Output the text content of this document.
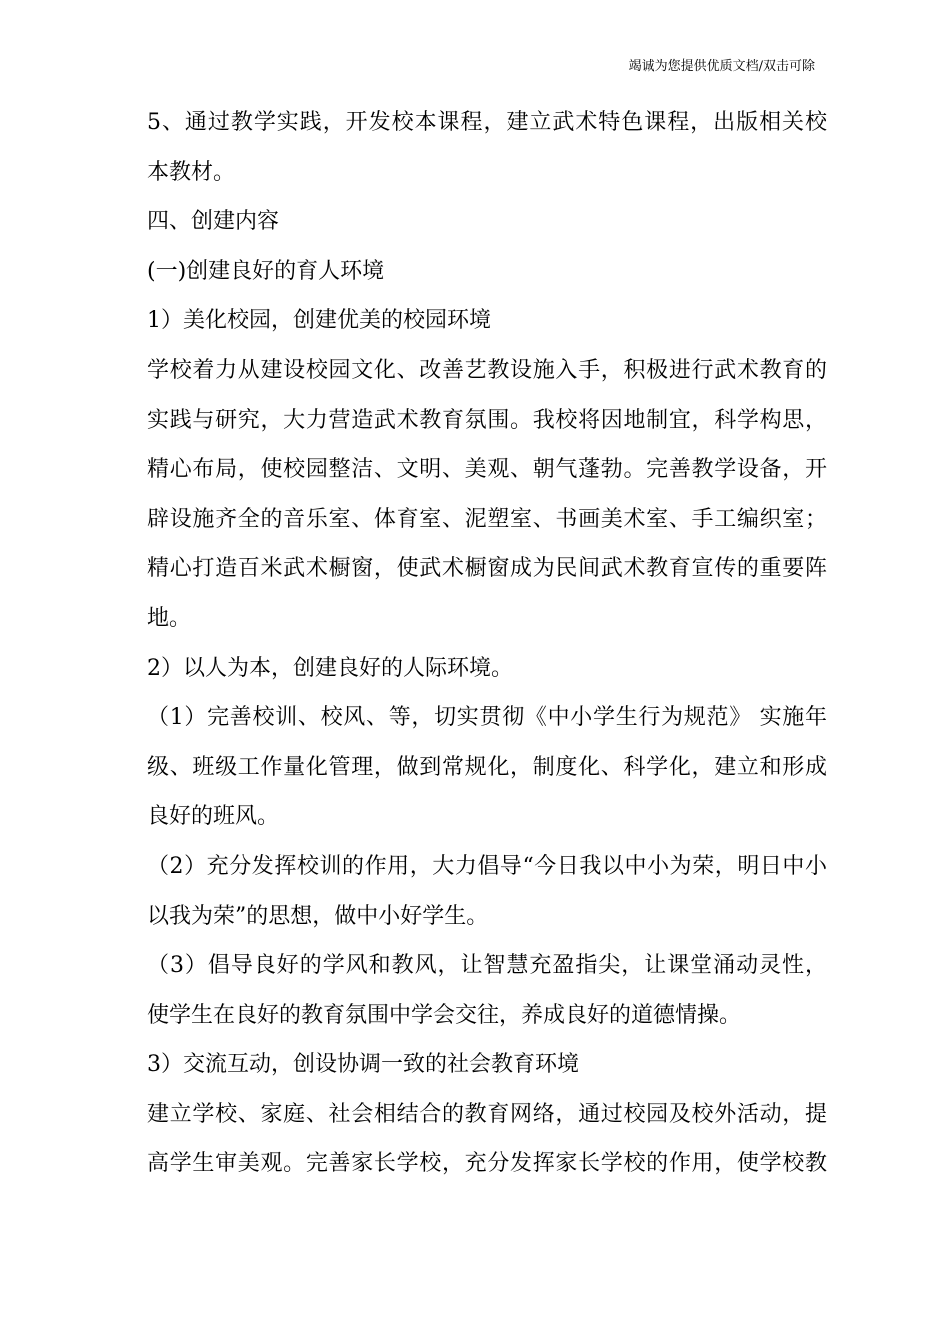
竭诚为您提供优质文档/双击可除
5、通过教学实践，开发校本课程，建立武术特色课程，出版相关校
本教材。
四、创建内容
(一)创建良好的育人环境
1）美化校园，创建优美的校园环境
学校着力从建设校园文化、改善艺教设施入手，积极进行武术教育的
实践与研究，大力营造武术教育氛围。我校将因地制宜，科学构思，
精心布局，使校园整洁、文明、美观、朝气蓬勃。完善教学设备，开
辟设施齐全的音乐室、体育室、泥塑室、书画美术室、手工编织室；
精心打造百米武术橱窗，使武术橱窗成为民间武术教育宣传的重要阵
地。
2）以人为本，创建良好的人际环境。
（1）完善校训、校风、等，切实贯彻《中小学生行为规范》 实施年
级、班级工作量化管理，做到常规化，制度化、科学化，建立和形成
良好的班风。
（2）充分发挥校训的作用，大力倡导“今日我以中小为荣，明日中小
以我为荣”的思想，做中小好学生。
（3）倡导良好的学风和教风，让智慧充盈指尖，让课堂涌动灵性，
使学生在良好的教育氛围中学会交往，养成良好的道德情操。
3）交流互动，创设协调一致的社会教育环境
建立学校、家庭、社会相结合的教育网络，通过校园及校外活动，提
高学生审美观。完善家长学校，充分发挥家长学校的作用，使学校教
